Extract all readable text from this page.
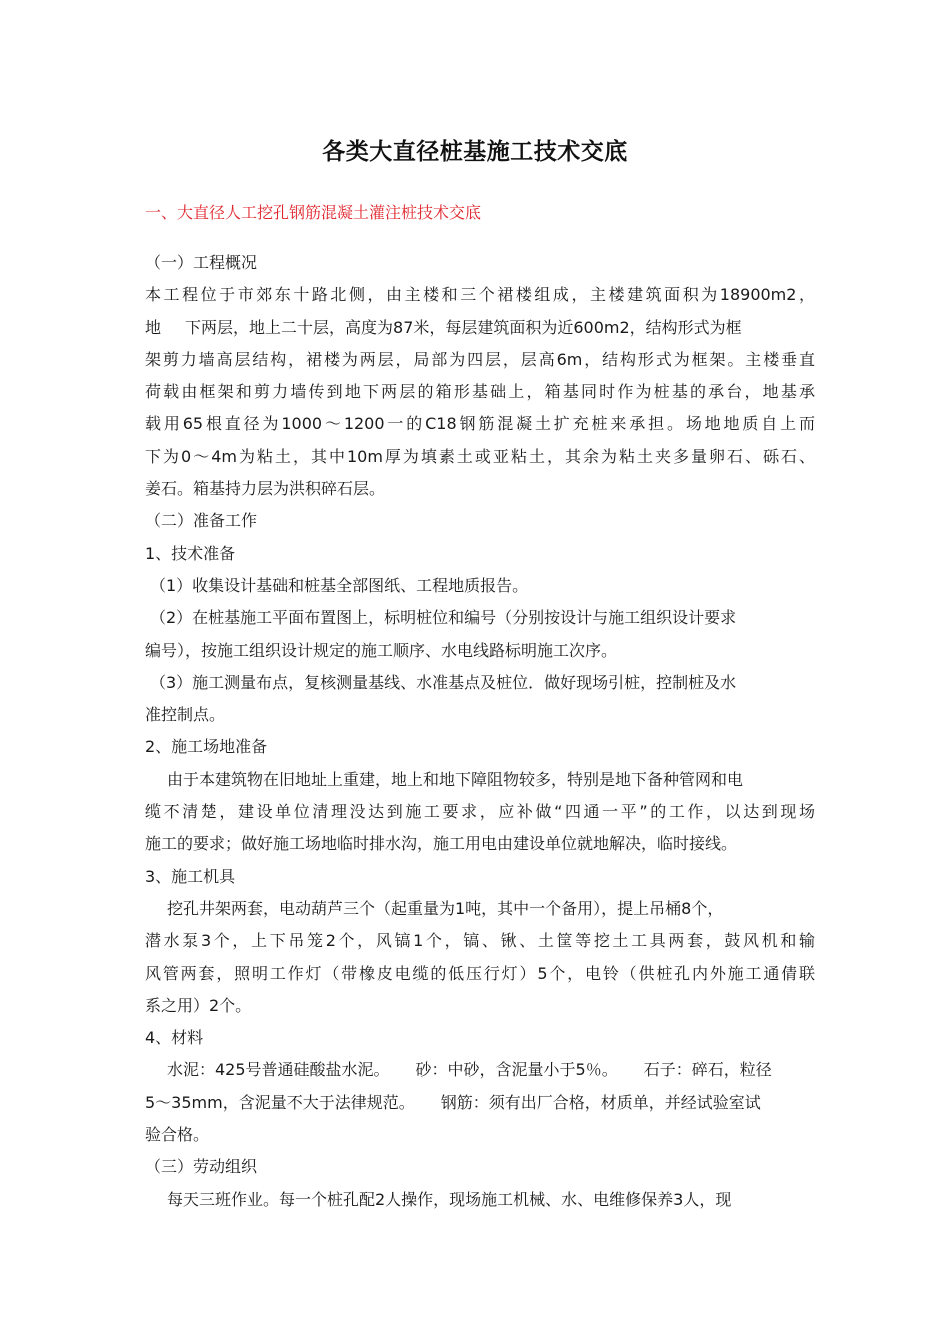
各类大直径桩基施工技术交底
一、大直径人工挖孔钢筋混凝土灌注桩技术交底
（一）工程概况
本工程位于市郊东十路北侧，由主楼和三个裙楼组成，主楼建筑面积为18900m2，
地 下两层，地上二十层，高度为87米，每层建筑面积为近600m2，结构形式为框
架剪力墙高层结构，裙楼为两层，局部为四层，层高6m，结构形式为框架。主楼垂直
荷载由框架和剪力墙传到地下两层的箱形基础上，箱基同时作为桩基的承台，地基承
载用65根直径为1000～1200一的C18钢筋混凝土扩充桩来承担。场地地质自上而
下为0～4m为粘土，其中10m厚为填素土或亚粘土，其余为粘土夹多量卵石、砾石、
姜石。箱基持力层为洪积碎石层。
（二）准备工作
1、技术准备
（1）收集设计基础和桩基全部图纸、工程地质报告。
（2）在桩基施工平面布置图上，标明桩位和编号（分别按设计与施工组织设计要求
编号），按施工组织设计规定的施工顺序、水电线路标明施工次序。
（3）施工测量布点，复核测量基线、水准基点及桩位．做好现场引桩，控制桩及水
准控制点。
2、施工场地准备
由于本建筑物在旧地址上重建，地上和地下障阻物较多，特别是地下备种管网和电
缆不清楚，建设单位清理没达到施工要求，应补做“四通一平”的工作，以达到现场
施工的要求；做好施工场地临时排水沟，施工用电由建设单位就地解决，临时接线。
3、施工机具
挖孔井架两套，电动葫芦三个（起重量为1吨，其中一个备用），提上吊桶8个，
潜水泵3个，上下吊笼2个，风镐1个，镐、锹、土筐等挖土工具两套，鼓风机和输
风管两套，照明工作灯（带橡皮电缆的低压行灯）5个，电铃（供桩孔内外施工通倩联
系之用）2个。
4、材料
水泥：425号普通硅酸盐水泥。 砂：中砂，含泥量小于5％。 石子：碎石，粒径
5～35mm，含泥量不大于法律规范。 钢筋：须有出厂合格，材质单，并经试验室试
验合格。
（三）劳动组织
每天三班作业。每一个桩孔配2人操作，现场施工机械、水、电维修保养3人，现
